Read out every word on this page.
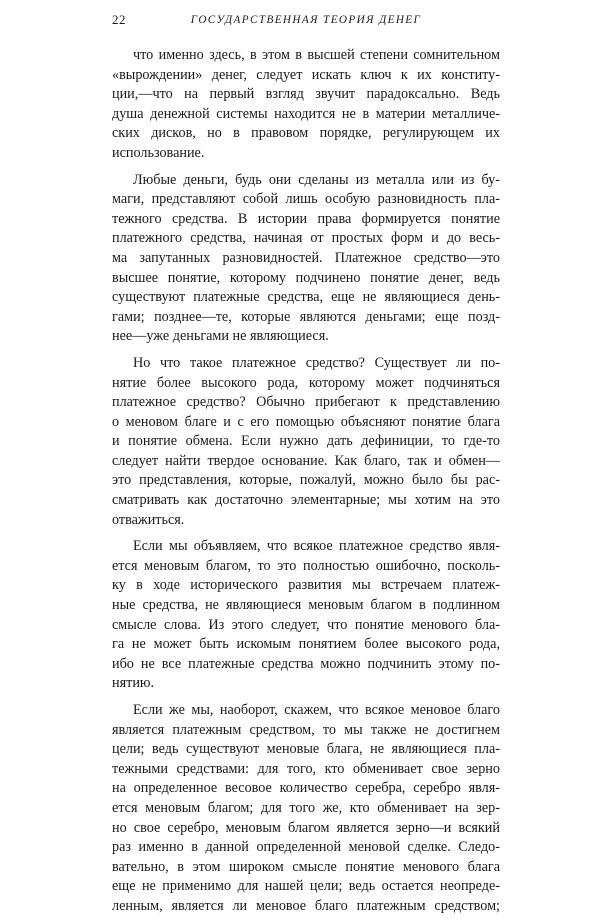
22	ГОСУДАРСТВЕННАЯ ТЕОРИЯ ДЕНЕГ
что именно здесь, в этом в высшей степени сомнительном
«вырождении» денег, следует искать ключ к их конститу-
ции,—что на первый взгляд звучит парадоксально. Ведь
душа денежной системы находится не в материи металличе-
ских дисков, но в правовом порядке, регулирующем их
использование.
Любые деньги, будь они сделаны из металла или из бу-
маги, представляют собой лишь особую разновидность пла-
тежного средства. В истории права формируется понятие
платежного средства, начиная от простых форм и до весь-
ма запутанных разновидностей. Платежное средство—это
высшее понятие, которому подчинено понятие денег, ведь
существуют платежные средства, еще не являющиеся день-
гами; позднее—те, которые являются деньгами; еще позд-
нее—уже деньгами не являющиеся.
Но что такое платежное средство? Существует ли по-
нятие более высокого рода, которому может подчиняться
платежное средство? Обычно прибегают к представлению
о меновом благе и с его помощью объясняют понятие блага
и понятие обмена. Если нужно дать дефиниции, то где-то
следует найти твердое основание. Как благо, так и обмен—
это представления, которые, пожалуй, можно было бы рас-
сматривать как достаточно элементарные; мы хотим на это
отважиться.
Если мы объявляем, что всякое платежное средство явля-
ется меновым благом, то это полностью ошибочно, посколь-
ку в ходе исторического развития мы встречаем платеж-
ные средства, не являющиеся меновым благом в подлинном
смысле слова. Из этого следует, что понятие менового бла-
га не может быть искомым понятием более высокого рода,
ибо не все платежные средства можно подчинить этому по-
нятию.
Если же мы, наоборот, скажем, что всякое меновое благо
является платежным средством, то мы также не достигнем
цели; ведь существуют меновые блага, не являющиеся пла-
тежными средствами: для того, кто обменивает свое зерно
на определенное весовое количество серебра, серебро явля-
ется меновым благом; для того же, кто обменивает на зер-
но свое серебро, меновым благом является зерно—и всякий
раз именно в данной определенной меновой сделке. Следо-
вательно, в этом широком смысле понятие менового блага
еще не применимо для нашей цели; ведь остается неопреде-
ленным, является ли меновое благо платежным средством;
